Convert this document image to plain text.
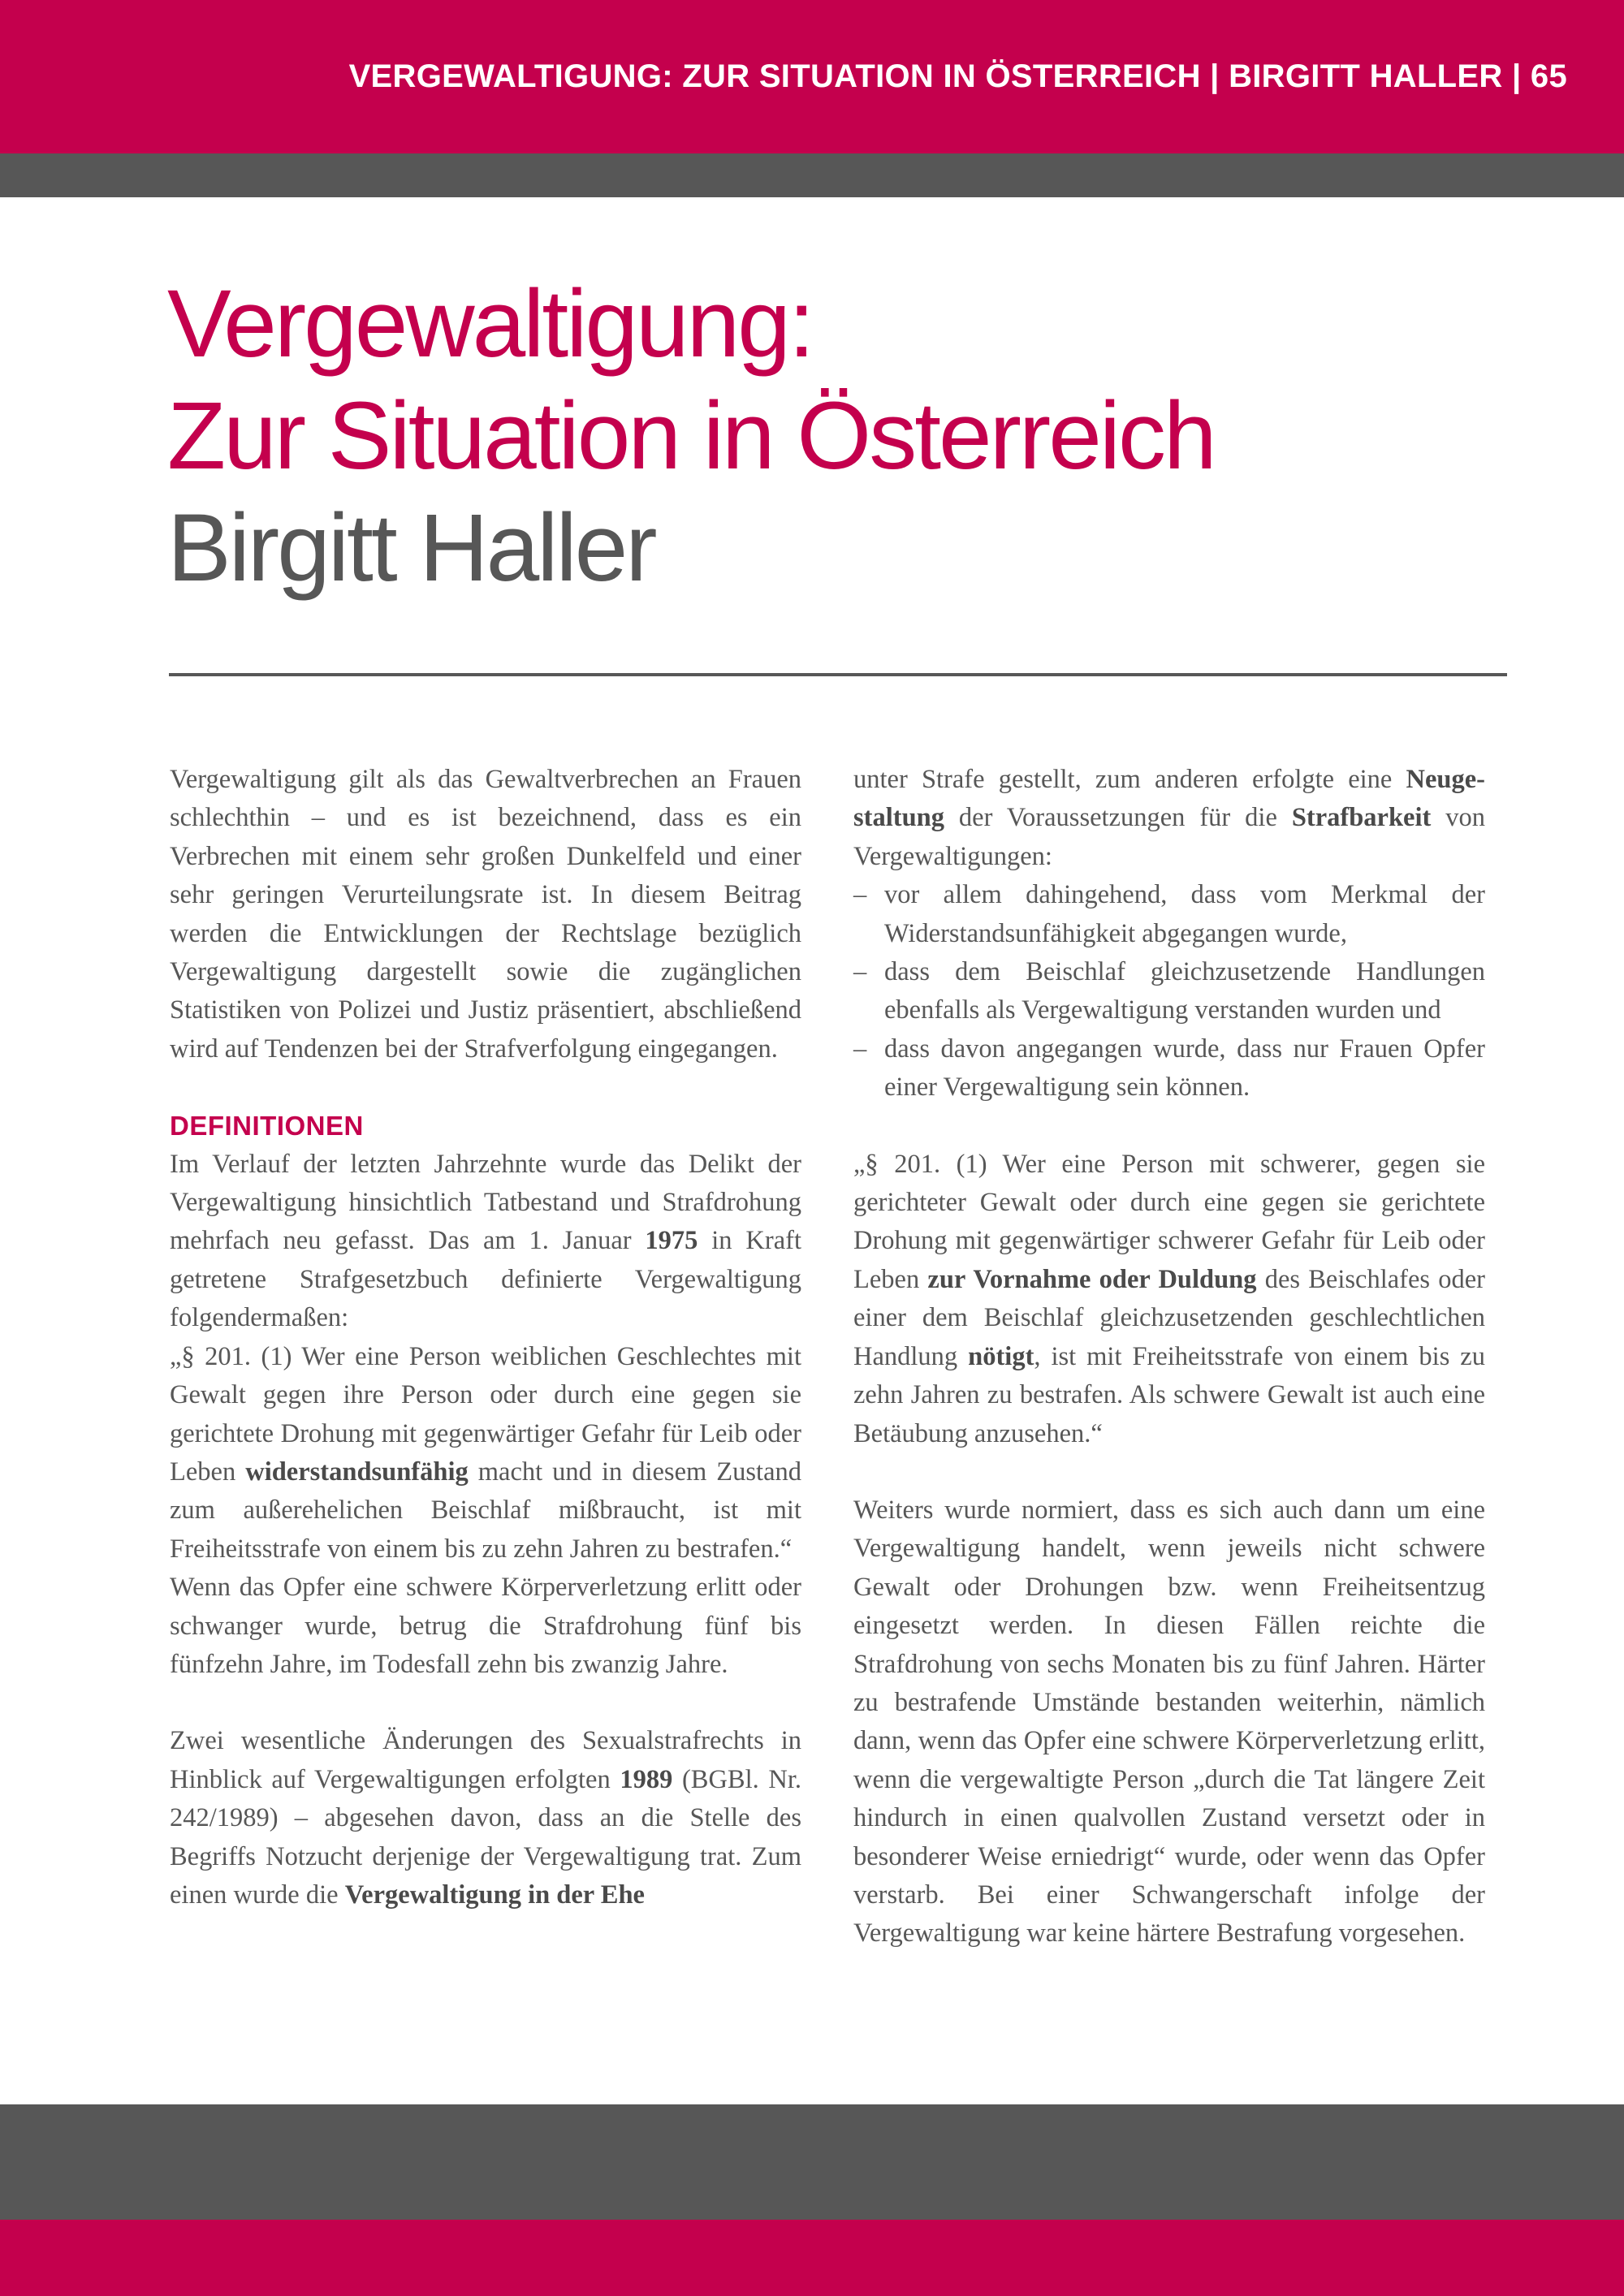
VERGEWALTIGUNG: ZUR SITUATION IN ÖSTERREICH | BIRGITT HALLER | 65

Vergewaltigung:
Zur Situation in Österreich
Birgitt Haller

Vergewaltigung gilt als das Gewaltverbrechen an Frauen schlechthin – und es ist bezeichnend, dass es ein Verbrechen mit einem sehr großen Dunkelfeld und einer sehr geringen Verurteilungsrate ist. In diesem Beitrag werden die Entwicklungen der Rechtslage bezüglich Vergewaltigung dargestellt sowie die zugänglichen Statistiken von Polizei und Justiz präsentiert, abschließend wird auf Tendenzen bei der Strafverfolgung eingegangen.

DEFINITIONEN

Im Verlauf der letzten Jahrzehnte wurde das Delikt der Vergewaltigung hinsichtlich Tatbestand und Strafdrohung mehrfach neu gefasst. Das am 1. Januar 1975 in Kraft getretene Strafgesetzbuch definierte Vergewaltigung folgendermaßen:

„§ 201. (1) Wer eine Person weiblichen Geschlechtes mit Gewalt gegen ihre Person oder durch eine gegen sie gerichtete Drohung mit gegenwärtiger Gefahr für Leib oder Leben widerstandsunfähig macht und in diesem Zustand zum außerehelichen Beischlaf mißbraucht, ist mit Freiheitsstrafe von einem bis zu zehn Jahren zu bestrafen.“

Wenn das Opfer eine schwere Körperverletzung erlitt oder schwanger wurde, betrug die Strafdrohung fünf bis fünfzehn Jahre, im Todesfall zehn bis zwanzig Jahre.

Zwei wesentliche Änderungen des Sexualstrafrechts in Hinblick auf Vergewaltigungen erfolgten 1989 (BGBl. Nr. 242/1989) – abgesehen davon, dass an die Stelle des Begriffs Notzucht derjenige der Vergewaltigung trat. Zum einen wurde die Vergewaltigung in der Ehe

unter Strafe gestellt, zum anderen erfolgte eine Neugestaltung der Voraussetzungen für die Strafbarkeit von Vergewaltigungen:

– vor allem dahingehend, dass vom Merkmal der Widerstandsunfähigkeit abgegangen wurde,
– dass dem Beischlaf gleichzusetzende Handlungen ebenfalls als Vergewaltigung verstanden wurden und
– dass davon angegangen wurde, dass nur Frauen Opfer einer Vergewaltigung sein können.

„§ 201. (1) Wer eine Person mit schwerer, gegen sie gerichteter Gewalt oder durch eine gegen sie gerichtete Drohung mit gegenwärtiger schwerer Gefahr für Leib oder Leben zur Vornahme oder Duldung des Beischlafes oder einer dem Beischlaf gleichzusetzenden geschlechtlichen Handlung nötigt, ist mit Freiheitsstrafe von einem bis zu zehn Jahren zu bestrafen. Als schwere Gewalt ist auch eine Betäubung anzusehen.“

Weiters wurde normiert, dass es sich auch dann um eine Vergewaltigung handelt, wenn jeweils nicht schwere Gewalt oder Drohungen bzw. wenn Freiheitsentzug eingesetzt werden. In diesen Fällen reichte die Strafdrohung von sechs Monaten bis zu fünf Jahren. Härter zu bestrafende Umstände bestanden weiterhin, nämlich dann, wenn das Opfer eine schwere Körperverletzung erlitt, wenn die vergewaltigte Person „durch die Tat längere Zeit hindurch in einen qualvollen Zustand versetzt oder in besonderer Weise erniedrigt“ wurde, oder wenn das Opfer verstarb. Bei einer Schwangerschaft infolge der Vergewaltigung war keine härtere Bestrafung vorgesehen.
